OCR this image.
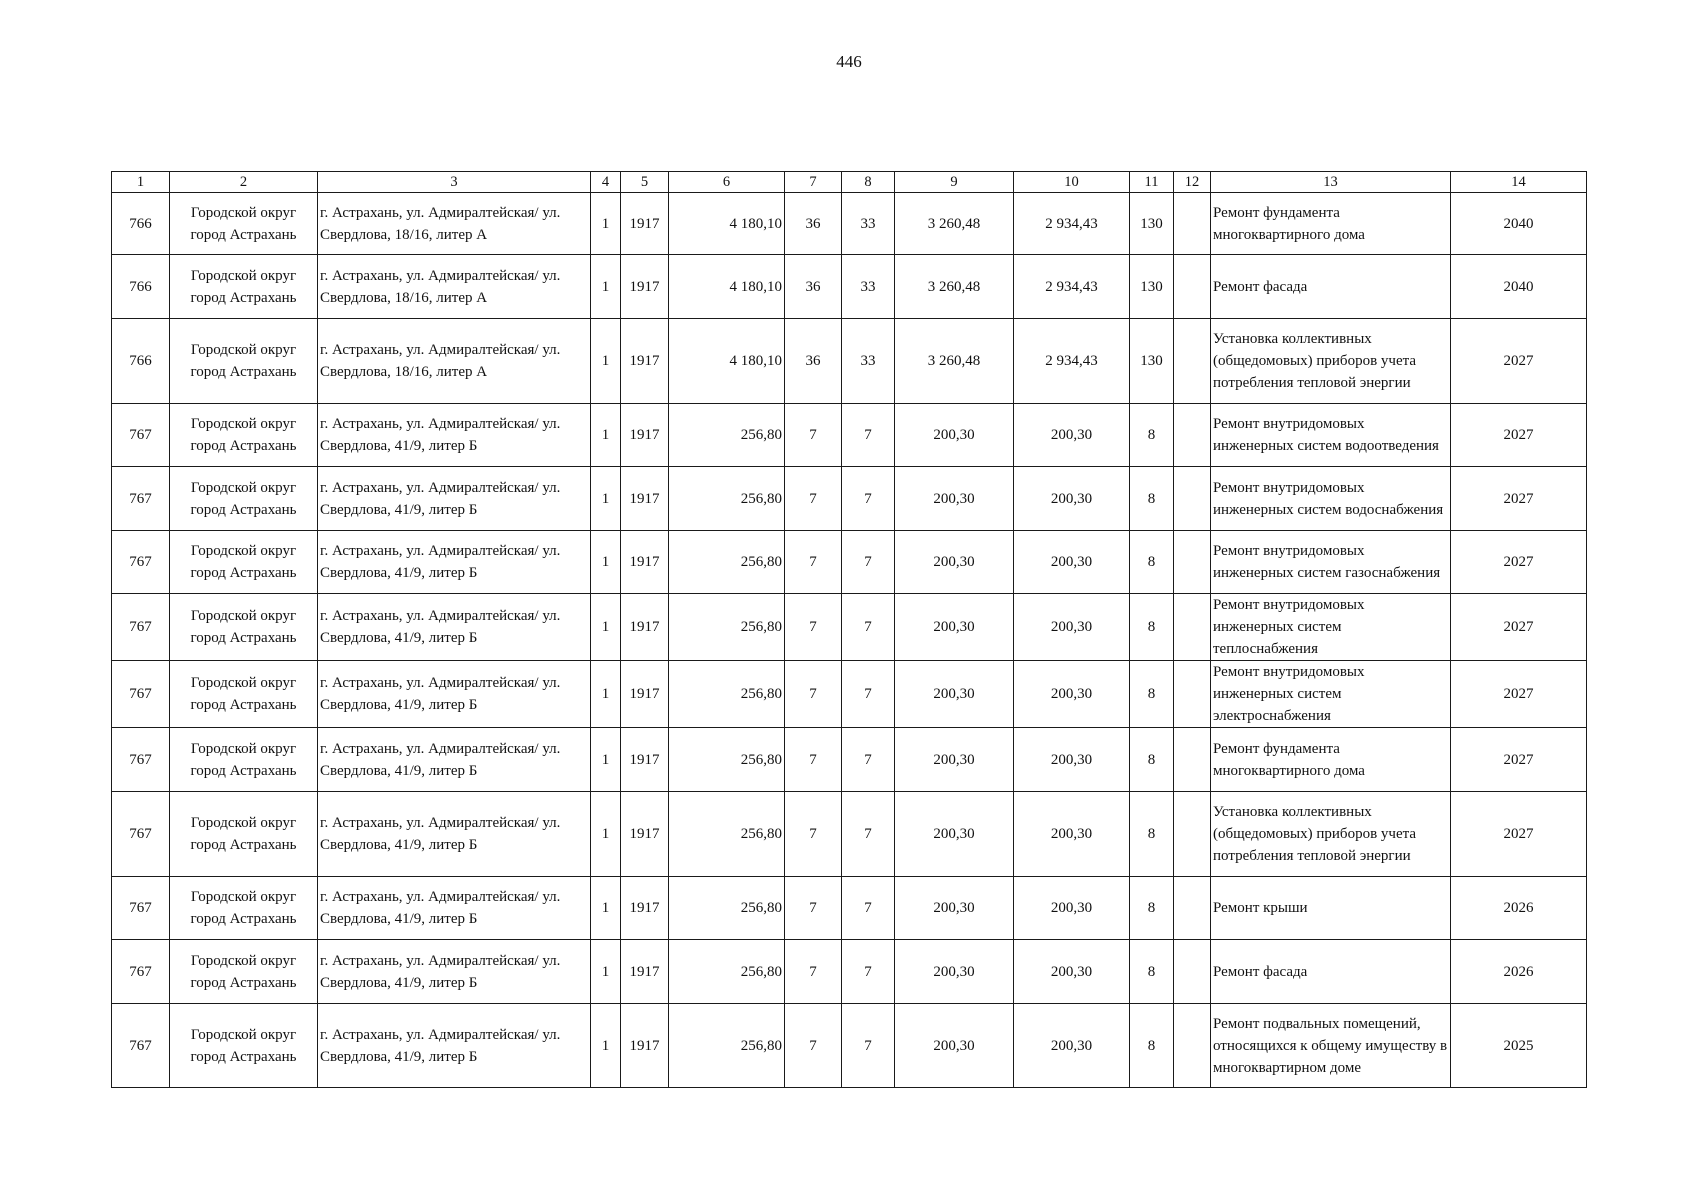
446
1	2	3	4	5	6	7	8	9	10	11	12	13	14
766	Городской округ город Астрахань	г. Астрахань, ул. Адмиралтейская/ ул. Свердлова, 18/16, литер А	1	1917	4 180,10	36	33	3 260,48	2 934,43	130		Ремонт фундамента многоквартирного дома	2040
766	Городской округ город Астрахань	г. Астрахань, ул. Адмиралтейская/ ул. Свердлова, 18/16, литер А	1	1917	4 180,10	36	33	3 260,48	2 934,43	130		Ремонт фасада	2040
766	Городской округ город Астрахань	г. Астрахань, ул. Адмиралтейская/ ул. Свердлова, 18/16, литер А	1	1917	4 180,10	36	33	3 260,48	2 934,43	130		Установка коллективных (общедомовых) приборов учета потребления тепловой энергии	2027
767	Городской округ город Астрахань	г. Астрахань, ул. Адмиралтейская/ ул. Свердлова, 41/9, литер Б	1	1917	256,80	7	7	200,30	200,30	8		Ремонт внутридомовых инженерных систем водоотведения	2027
767	Городской округ город Астрахань	г. Астрахань, ул. Адмиралтейская/ ул. Свердлова, 41/9, литер Б	1	1917	256,80	7	7	200,30	200,30	8		Ремонт внутридомовых инженерных систем водоснабжения	2027
767	Городской округ город Астрахань	г. Астрахань, ул. Адмиралтейская/ ул. Свердлова, 41/9, литер Б	1	1917	256,80	7	7	200,30	200,30	8		Ремонт внутридомовых инженерных систем газоснабжения	2027
767	Городской округ город Астрахань	г. Астрахань, ул. Адмиралтейская/ ул. Свердлова, 41/9, литер Б	1	1917	256,80	7	7	200,30	200,30	8		Ремонт внутридомовых инженерных систем теплоснабжения	2027
767	Городской округ город Астрахань	г. Астрахань, ул. Адмиралтейская/ ул. Свердлова, 41/9, литер Б	1	1917	256,80	7	7	200,30	200,30	8		Ремонт внутридомовых инженерных систем электроснабжения	2027
767	Городской округ город Астрахань	г. Астрахань, ул. Адмиралтейская/ ул. Свердлова, 41/9, литер Б	1	1917	256,80	7	7	200,30	200,30	8		Ремонт фундамента многоквартирного дома	2027
767	Городской округ город Астрахань	г. Астрахань, ул. Адмиралтейская/ ул. Свердлова, 41/9, литер Б	1	1917	256,80	7	7	200,30	200,30	8		Установка коллективных (общедомовых) приборов учета потребления тепловой энергии	2027
767	Городской округ город Астрахань	г. Астрахань, ул. Адмиралтейская/ ул. Свердлова, 41/9, литер Б	1	1917	256,80	7	7	200,30	200,30	8		Ремонт крыши	2026
767	Городской округ город Астрахань	г. Астрахань, ул. Адмиралтейская/ ул. Свердлова, 41/9, литер Б	1	1917	256,80	7	7	200,30	200,30	8		Ремонт фасада	2026
767	Городской округ город Астрахань	г. Астрахань, ул. Адмиралтейская/ ул. Свердлова, 41/9, литер Б	1	1917	256,80	7	7	200,30	200,30	8		Ремонт подвальных помещений, относящихся к общему имуществу в многоквартирном доме	2025
